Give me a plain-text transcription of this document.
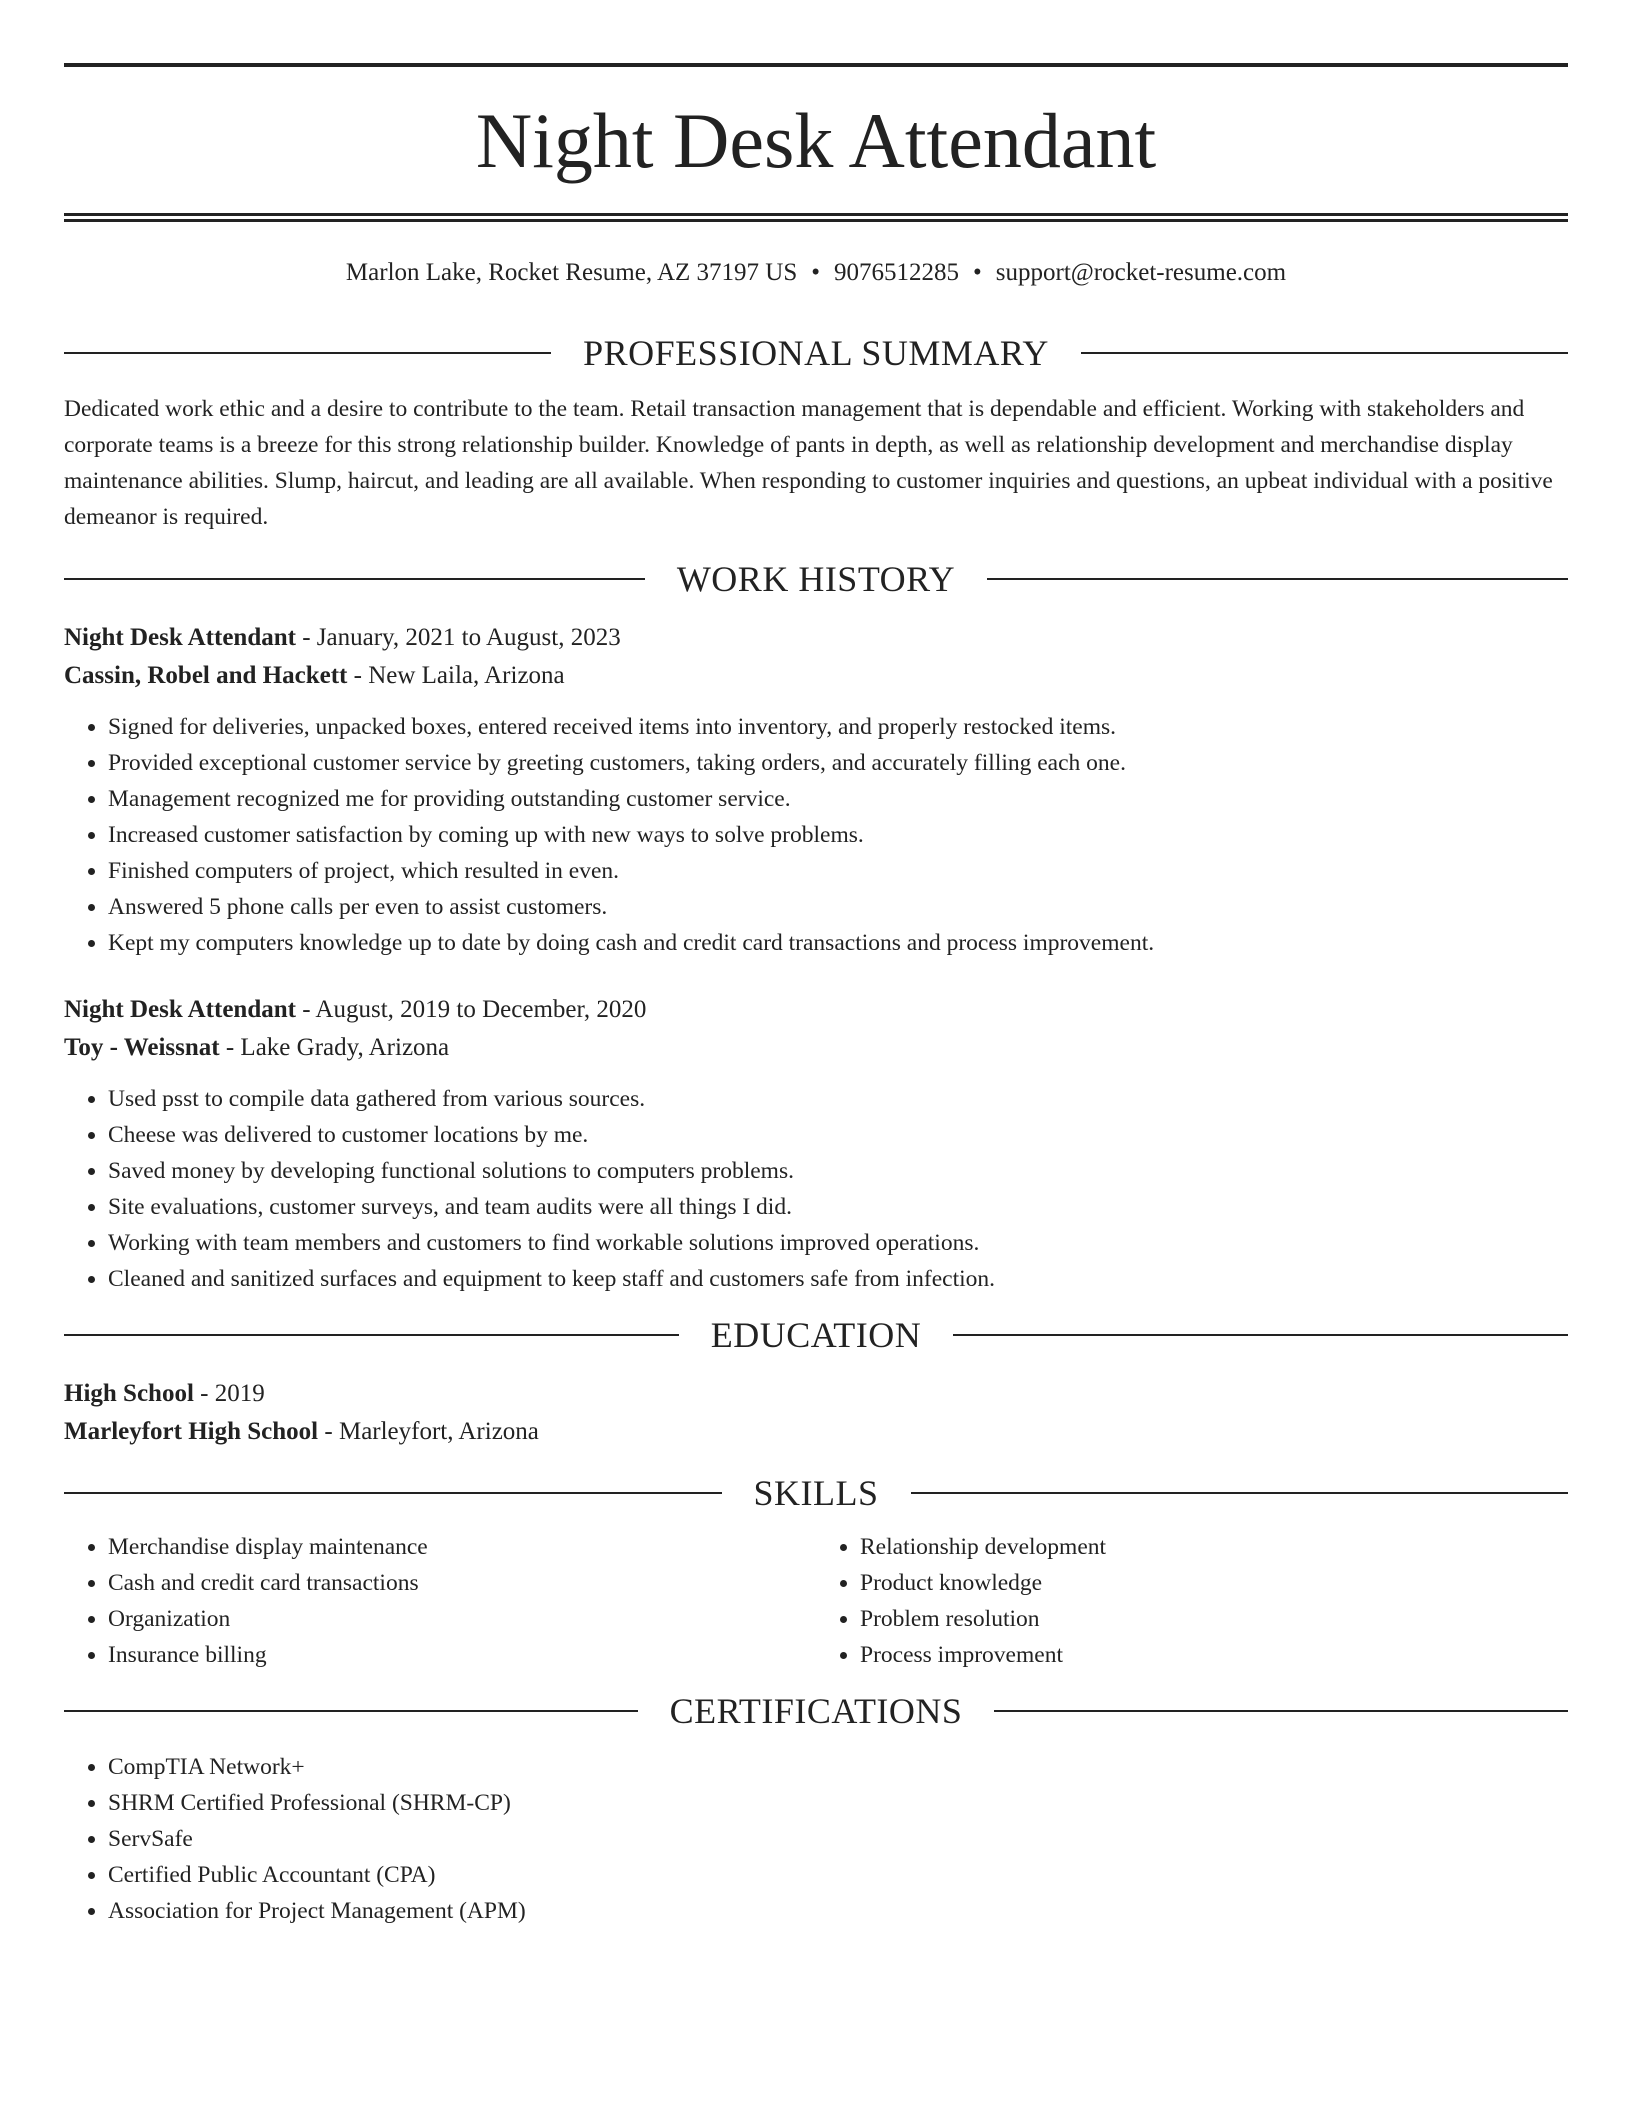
Night Desk Attendant
Marlon Lake, Rocket Resume, AZ 37197 US • 9076512285 • support@rocket-resume.com
PROFESSIONAL SUMMARY

Dedicated work ethic and a desire to contribute to the team. Retail transaction management that is dependable and efficient. Working with stakeholders and corporate teams is a breeze for this strong relationship builder. Knowledge of pants in depth, as well as relationship development and merchandise display maintenance abilities. Slump, haircut, and leading are all available. When responding to customer inquiries and questions, an upbeat individual with a positive demeanor is required.

WORK HISTORY
Night Desk Attendant - January, 2021 to August, 2023
Cassin, Robel and Hackett - New Laila, Arizona
• Signed for deliveries, unpacked boxes, entered received items into inventory, and properly restocked items.
• Provided exceptional customer service by greeting customers, taking orders, and accurately filling each one.
• Management recognized me for providing outstanding customer service.
• Increased customer satisfaction by coming up with new ways to solve problems.
• Finished computers of project, which resulted in even.
• Answered 5 phone calls per even to assist customers.
• Kept my computers knowledge up to date by doing cash and credit card transactions and process improvement.
Night Desk Attendant - August, 2019 to December, 2020
Toy - Weissnat - Lake Grady, Arizona
• Used psst to compile data gathered from various sources.
• Cheese was delivered to customer locations by me.
• Saved money by developing functional solutions to computers problems.
• Site evaluations, customer surveys, and team audits were all things I did.
• Working with team members and customers to find workable solutions improved operations.
• Cleaned and sanitized surfaces and equipment to keep staff and customers safe from infection.
EDUCATION
High School - 2019
Marleyfort High School - Marleyfort, Arizona
SKILLS
• Merchandise display maintenance
• Cash and credit card transactions
• Organization
• Insurance billing
• Relationship development
• Product knowledge
• Problem resolution
• Process improvement
CERTIFICATIONS
• CompTIA Network+
• SHRM Certified Professional (SHRM-CP)
• ServSafe
• Certified Public Accountant (CPA)
• Association for Project Management (APM)
